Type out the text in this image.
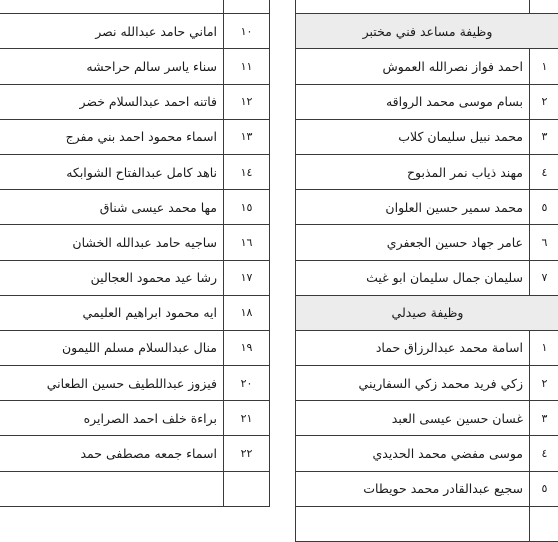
١٠	اماني حامد عبدالله نصر
١١	سناء ياسر سالم حراحشه
١٢	فاتنه احمد عبدالسلام خضر
١٣	اسماء محمود احمد بني مفرج
١٤	ناهد كامل عبدالفتاح الشوابكه
١٥	مها محمد عيسى شناق
١٦	ساجيه حامد عبدالله الخشان
١٧	رشا عيد محمود العجالين
١٨	ايه محمود ابراهيم العليمي
١٩	منال عبدالسلام مسلم الليمون
٢٠	فيزوز عبداللطيف حسين الطعاني
٢١	براءة خلف احمد الصرايره
٢٢	اسماء جمعه مصطفى حمد

وظيفة مساعد فني مختبر	
١	احمد فواز نصرالله العموش
٢	بسام موسى محمد الرواقه
٣	محمد نبيل سليمان كلاب
٤	مهند ذياب نمر المذبوح
٥	محمد سمير حسين العلوان
٦	عامر جهاد حسين الجعفري
٧	سليمان جمال سليمان ابو غيث
وظيفة صيدلي	
١	اسامة محمد عبدالرزاق حماد
٢	زكي فريد محمد زكي السفاريني
٣	غسان حسين عيسى العبد
٤	موسى مفضي محمد الحديدي
٥	سجيع عبدالقادر محمد حويطات
